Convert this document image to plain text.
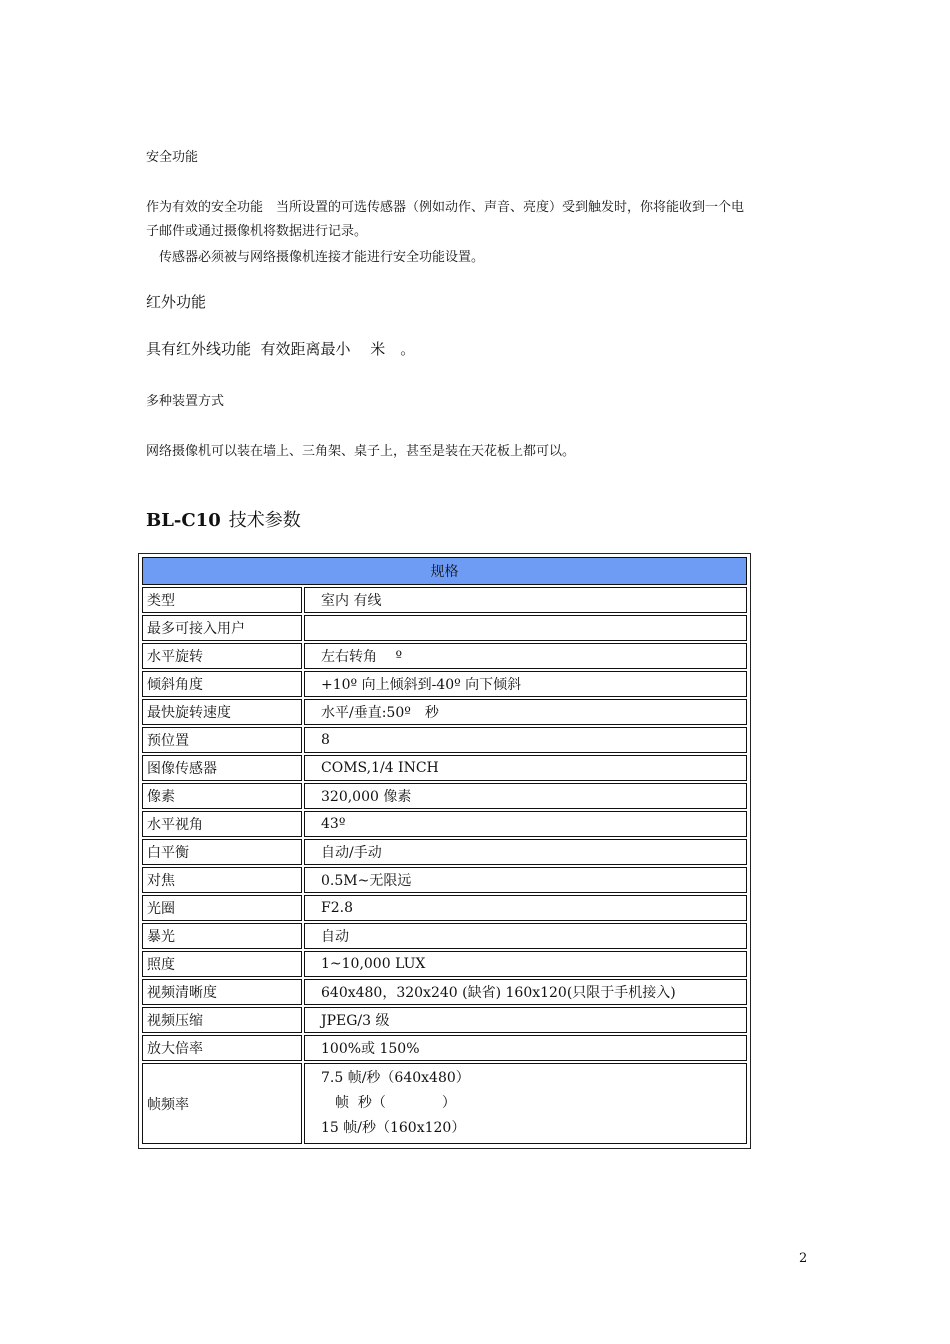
安全功能
作为有效的安全功能　当所设置的可选传感器（例如动作、声音、亮度）受到触发时，你将能收到一个电
子邮件或通过摄像机将数据进行记录。
　传感器必须被与网络摄像机连接才能进行安全功能设置。
红外功能
具有红外线功能  有效距离最小　 米　。
多种装置方式
网络摄像机可以装在墙上、三角架、桌子上，甚至是装在天花板上都可以。
BL-C10 技术参数
规格	
类型	室内 有线
最多可接入用户	
水平旋转	左右转角　 º
倾斜角度	+10º 向上倾斜到-40º 向下倾斜
最快旋转速度	水平/垂直:50º　秒
预位置	8
图像传感器	COMS,1/4 INCH
像素	320,000 像素
水平视角	43º
白平衡	自动/手动
对焦	0.5M~无限远
光圈	F2.8
暴光	自动
照度	1~10,000 LUX
视频清晰度	640x480，320x240 (缺省) 160x120(只限于手机接入)
视频压缩	JPEG/3 级
放大倍率	100%或 150%
帧频率	7.5 帧/秒（640x480）
　帧  秒（　　　　）
15 帧/秒（160x120）
2
